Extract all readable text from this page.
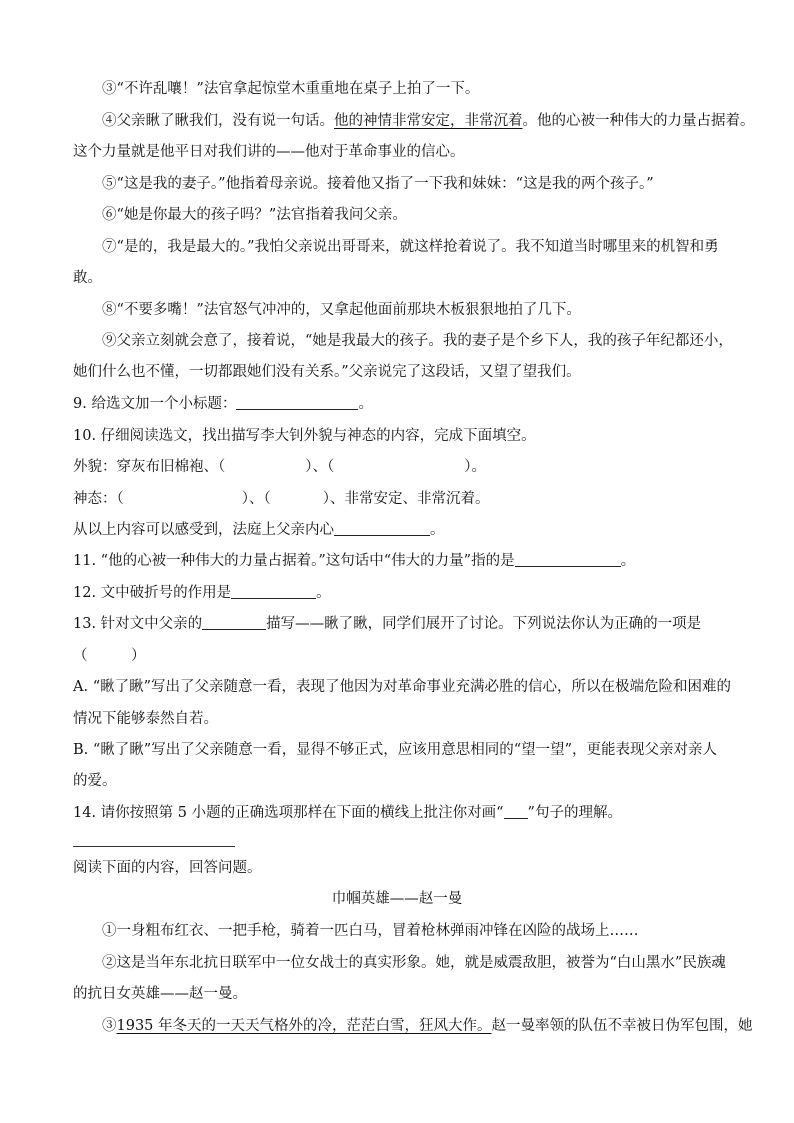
③“不许乱嚷！”法官拿起惊堂木重重地在桌子上拍了一下。
④父亲瞅了瞅我们，没有说一句话。他的神情非常安定，非常沉着。他的心被一种伟大的力量占据着。
这个力量就是他平日对我们讲的——他对于革命事业的信心。
⑤“这是我的妻子。”他指着母亲说。接着他又指了一下我和妹妹：“这是我的两个孩子。”
⑥“她是你最大的孩子吗？”法官指着我问父亲。
⑦“是的，我是最大的。”我怕父亲说出哥哥来，就这样抢着说了。我不知道当时哪里来的机智和勇
敢。
⑧“不要多嘴！”法官怒气冲冲的，又拿起他面前那块木板狠狠地拍了几下。
⑨父亲立刻就会意了，接着说，“她是我最大的孩子。我的妻子是个乡下人，我的孩子年纪都还小，
她们什么也不懂，一切都跟她们没有关系。”父亲说完了这段话，又望了望我们。
9. 给选文加一个小标题：	。
10. 仔细阅读选文，找出描写李大钊外貌与神态的内容，完成下面填空。
外貌：穿灰布旧棉袍、（	）、（	）。
神态：（	）、（	）、非常安定、非常沉着。
从以上内容可以感受到，法庭上父亲内心	。
11. “他的心被一种伟大的力量占据着。”这句话中“伟大的力量”指的是	。
12. 文中破折号的作用是	。
13. 针对文中父亲的	描写——瞅了瞅，同学们展开了讨论。下列说法你认为正确的一项是
（　　　）
A. “瞅了瞅”写出了父亲随意一看，表现了他因为对革命事业充满必胜的信心，所以在极端危险和困难的
情况下能够泰然自若。
B. “瞅了瞅”写出了父亲随意一看，显得不够正式，应该用意思相同的“望一望”，更能表现父亲对亲人
的爱。
14. 请你按照第 5 小题的正确选项那样在下面的横线上批注你对画“ ”句子的理解。
阅读下面的内容，回答问题。
巾帼英雄——赵一曼
①一身粗布红衣、一把手枪，骑着一匹白马，冒着枪林弹雨冲锋在凶险的战场上……
②这是当年东北抗日联军中一位女战士的真实形象。她，就是威震敌胆，被誉为“白山黑水”民族魂
的抗日女英雄——赵一曼。
③1935 年冬天的一天天气格外的冷，茫茫白雪，狂风大作。赵一曼率领的队伍不幸被日伪军包围，她
